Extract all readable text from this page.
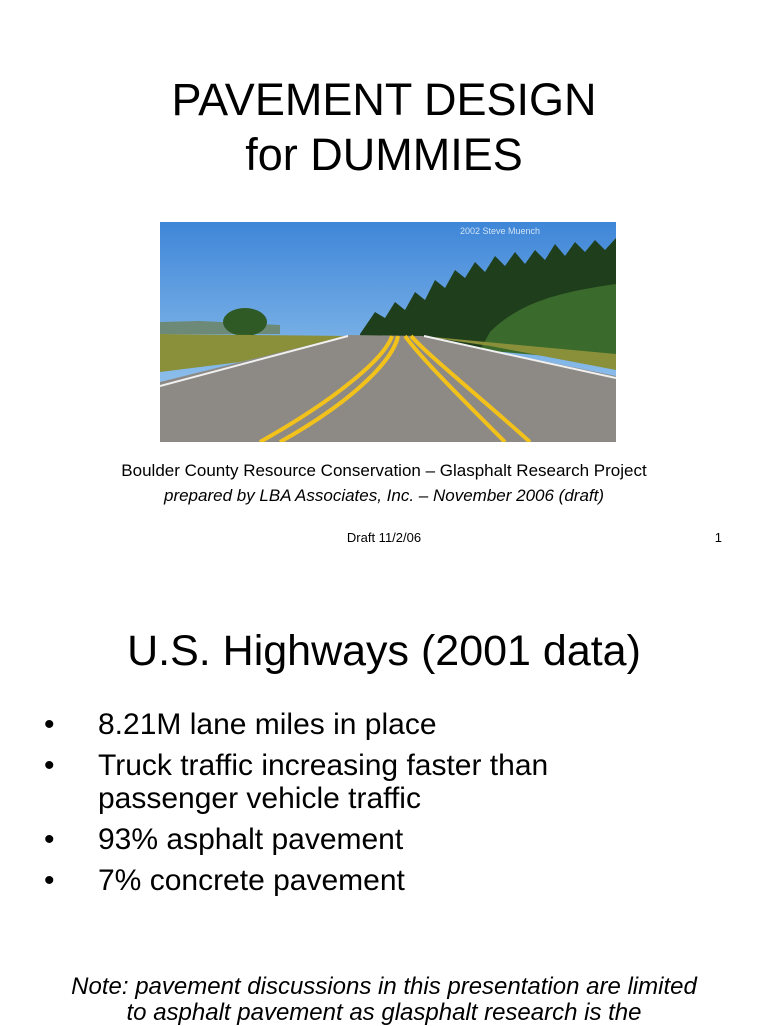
PAVEMENT DESIGN
for DUMMIES
2002 Steve Muench
Boulder County Resource Conservation – Glasphalt Research Project
prepared by LBA Associates, Inc. – November 2006 (draft)
Draft 11/2/06	1
U.S. Highways (2001 data)
• 8.21M lane miles in place
• Truck traffic increasing faster than
passenger vehicle traffic
• 93% asphalt pavement
• 7% concrete pavement
Note: pavement discussions in this presentation are limited
to asphalt pavement as glasphalt research is the
